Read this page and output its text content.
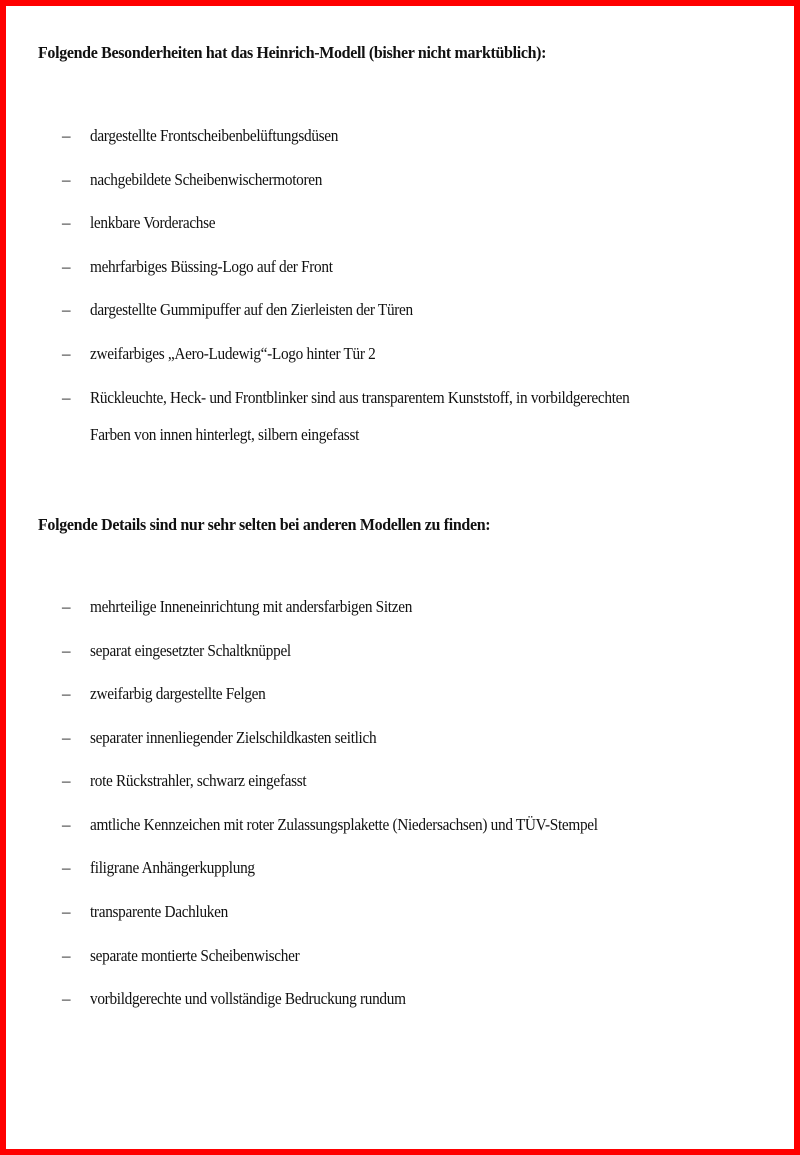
Folgende Besonderheiten hat das Heinrich-Modell (bisher nicht marktüblich):
– dargestellte Frontscheibenbelüftungsdüsen
– nachgebildete Scheibenwischermotoren
– lenkbare Vorderachse
– mehrfarbiges Büssing-Logo auf der Front
– dargestellte Gummipuffer auf den Zierleisten der Türen
– zweifarbiges „Aero-Ludewig“-Logo hinter Tür 2
– Rückleuchte, Heck- und Frontblinker sind aus transparentem Kunststoff, in vorbildgerechten
Farben von innen hinterlegt, silbern eingefasst
Folgende Details sind nur sehr selten bei anderen Modellen zu finden:
– mehrteilige Inneneinrichtung mit andersfarbigen Sitzen
– separat eingesetzter Schaltknüppel
– zweifarbig dargestellte Felgen
– separater innenliegender Zielschildkasten seitlich
– rote Rückstrahler, schwarz eingefasst
– amtliche Kennzeichen mit roter Zulassungsplakette (Niedersachsen) und TÜV-Stempel
– filigrane Anhängerkupplung
– transparente Dachluken
– separate montierte Scheibenwischer
– vorbildgerechte und vollständige Bedruckung rundum
